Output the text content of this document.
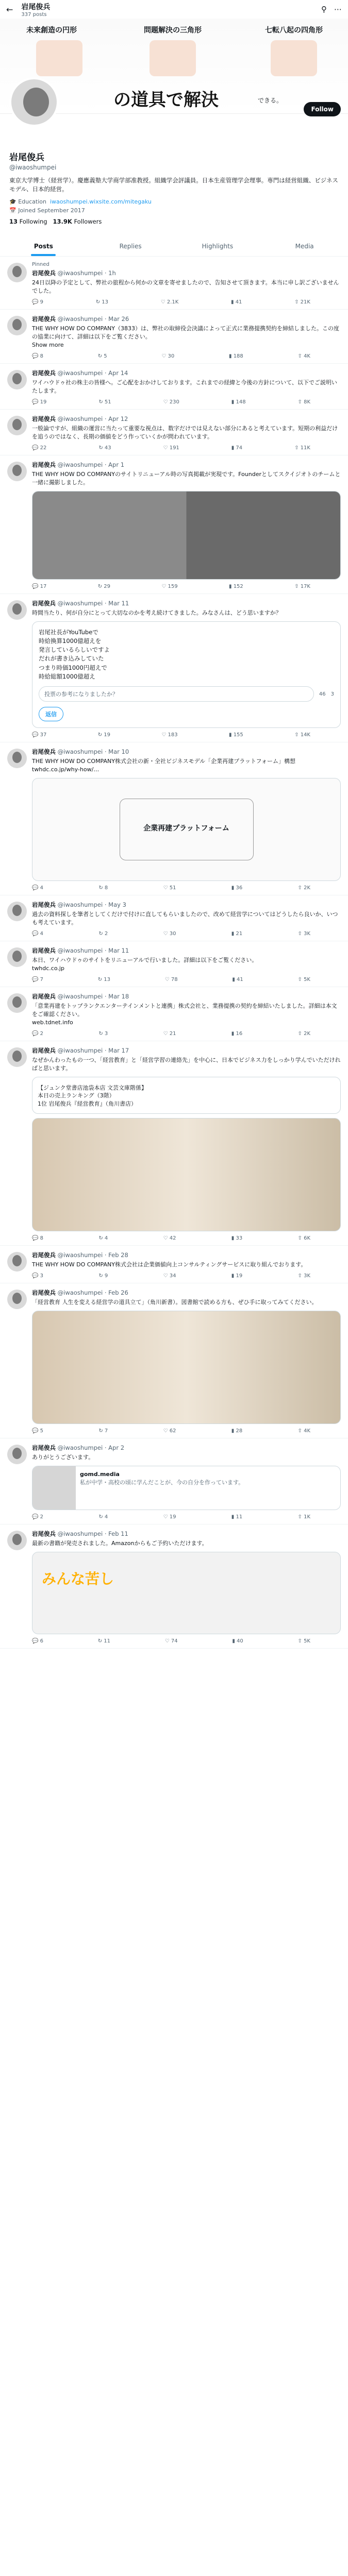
← 岩尾俊兵
337 posts
⚲ ⋯
未来創造の円形	問題解決の三角形	七転八起の四角形
の道具で解決	できる。
Follow
岩尾俊兵
@iwaoshumpei
東京大学博士（経営学）。慶應義塾大学商学部准教授。組織学会評議員。日本生産管理学会理事。専門は経営組織、ビジネスモデル、日本的経営。
🎓 Education iwaoshumpei.wixsite.com/mitegaku
📅 Joined September 2017
13 Following 13.9K Followers
Posts	Replies	Highlights	Media
Pinned
岩尾俊兵 @iwaoshumpei · 1h
24日以降の予定として、弊社の旅程から何かの文章を寄せましたので、告知させて頂きます。本当に申し訳ございませんでした。
💬 9	↻ 13	♡ 2.1K	▮ 41	⇧ 21K
岩尾俊兵 @iwaoshumpei · Mar 26
THE WHY HOW DO COMPANY（3833）は、弊社の取締役会決議によって正式に業務提携契約を締結しました。この度の協業に向けて、詳細は以下をご覧ください。
Show more
💬 8	↻ 5	♡ 30	▮ 188	⇧ 4K
岩尾俊兵 @iwaoshumpei · Apr 14
ワイハウドゥ社の株主の皆様へ。ご心配をおかけしております。これまでの経緯と今後の方針について、以下でご説明いたします。
💬 19	↻ 51	♡ 230	▮ 148	⇧ 8K
岩尾俊兵 @iwaoshumpei · Apr 12
一般論ですが、組織の運営に当たって重要な視点は、数字だけでは見えない部分にあると考えています。短期の利益だけを追うのではなく、長期の価値をどう作っていくかが問われています。
💬 22	↻ 43	♡ 191	▮ 74	⇧ 11K
岩尾俊兵 @iwaoshumpei · Apr 1
THE WHY HOW DO COMPANYのサイトリニューアル時の写真掲載が実現です。Founderとしてスクイジオトのチームと一緒に撮影しました。
💬 17	↻ 29	♡ 159	▮ 152	⇧ 17K
岩尾俊兵 @iwaoshumpei · Mar 11
時間当たり、何が自分にとって大切なのかを考え続けてきました。みなさんは、どう思いますか？
岩尾社長がYouTubeで
時給換算1000億超えを
発言しているらしいですよ
だれが書き込みしていた
つまり時価1000円超えで
時給総額1000億超え
投票の参考になりましたか？	46 3
返信
💬 37	↻ 19	♡ 183	▮ 155	⇧ 14K
岩尾俊兵 @iwaoshumpei · Mar 10
THE WHY HOW DO COMPANY株式会社の新・全社ビジネスモデル「企業再建プラットフォーム」構想
twhdc.co.jp/why-how/…
企業再建プラットフォーム
💬 4	↻ 8	♡ 51	▮ 36	⇧ 2K
岩尾俊兵 @iwaoshumpei · May 3
過去の資料探しを筆者としてくだけで付けに直してもらいましたので、改めて経営学についてはどうしたら良いか、いつも考えています。
💬 4	↻ 2	♡ 30	▮ 21	⇧ 3K
岩尾俊兵 @iwaoshumpei · Mar 11
本日、ワイハウドゥのサイトをリニューアルで行いました。詳細は以下をご覧ください。
twhdc.co.jp
💬 7	↻ 13	♡ 78	▮ 41	⇧ 5K
岩尾俊兵 @iwaoshumpei · Mar 18
「意業再建をトップランクエンターテインメントと連携」株式会社と、業務提携の契約を締結いたしました。詳細は本文をご確認ください。
web.tdnet.info
💬 2	↻ 3	♡ 21	▮ 16	⇧ 2K
岩尾俊兵 @iwaoshumpei · Mar 17
なぜかんわったもの一つ、「経営教育」と「経営学習の連絡先」を中心に、日本でビジネス力をしっかり学んでいただければと思います。
【ジュンク堂書店池袋本店 文芸文庫階係】
本日の売上ランキング（3階）
1位 岩尾俊兵『経営教育』（角川書店）
💬 8	↻ 4	♡ 42	▮ 33	⇧ 6K
岩尾俊兵 @iwaoshumpei · Feb 28
THE WHY HOW DO COMPANY株式会社は企業価値向上コンサルティングサービスに取り組んでおります。
💬 3	↻ 9	♡ 34	▮ 19	⇧ 3K
岩尾俊兵 @iwaoshumpei · Feb 26
「経営教育 人生を変える経営学の道具立て」（角川新書）。図書館で読める方も、ぜひ手に取ってみてください。
💬 5	↻ 7	♡ 62	▮ 28	⇧ 4K
岩尾俊兵 @iwaoshumpei · Apr 2
ありがとうございます。
gomd.media
私が中学・高校の頃に学んだことが、今の自分を作っています。
💬 2	↻ 4	♡ 19	▮ 11	⇧ 1K
岩尾俊兵 @iwaoshumpei · Feb 11
最新の書籍が発売されました。Amazonからもご予約いただけます。
みんな苦し
💬 6	↻ 11	♡ 74	▮ 40	⇧ 5K
